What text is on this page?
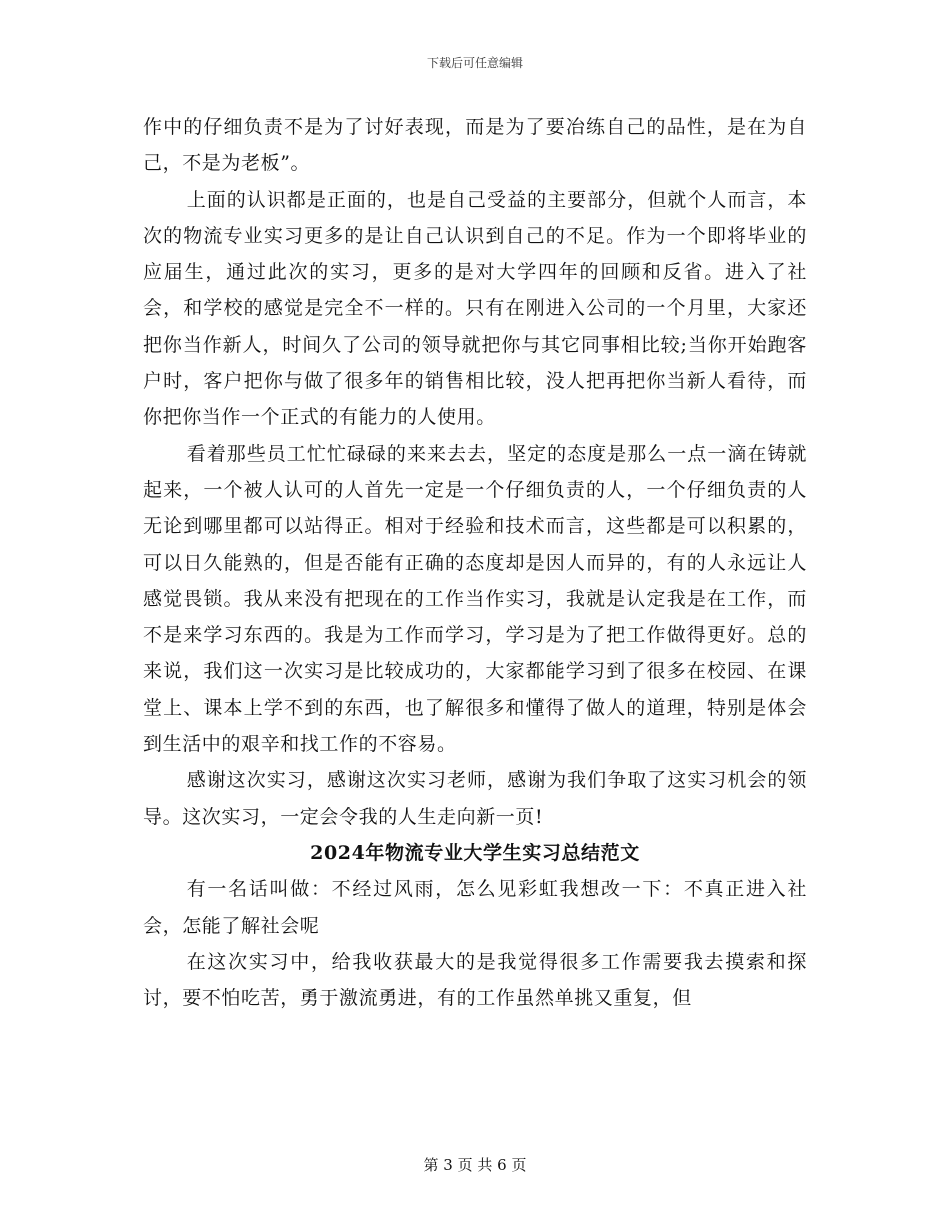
下载后可任意编辑

作中的仔细负责不是为了讨好表现，而是为了要冶练自己的品性，是在为自己，不是为老板”。

上面的认识都是正面的，也是自己受益的主要部分，但就个人而言，本次的物流专业实习更多的是让自己认识到自己的不足。作为一个即将毕业的应届生，通过此次的实习，更多的是对大学四年的回顾和反省。进入了社会，和学校的感觉是完全不一样的。只有在刚进入公司的一个月里，大家还把你当作新人，时间久了公司的领导就把你与其它同事相比较;当你开始跑客户时，客户把你与做了很多年的销售相比较，没人把再把你当新人看待，而你把你当作一个正式的有能力的人使用。

看着那些员工忙忙碌碌的来来去去，坚定的态度是那么一点一滴在铸就起来，一个被人认可的人首先一定是一个仔细负责的人，一个仔细负责的人无论到哪里都可以站得正。相对于经验和技术而言，这些都是可以积累的，可以日久能熟的，但是否能有正确的态度却是因人而异的，有的人永远让人感觉畏锁。我从来没有把现在的工作当作实习，我就是认定我是在工作，而不是来学习东西的。我是为工作而学习，学习是为了把工作做得更好。总的来说，我们这一次实习是比较成功的，大家都能学习到了很多在校园、在课堂上、课本上学不到的东西，也了解很多和懂得了做人的道理，特别是体会到生活中的艰辛和找工作的不容易。

感谢这次实习，感谢这次实习老师，感谢为我们争取了这实习机会的领导。这次实习，一定会令我的人生走向新一页!

2024年物流专业大学生实习总结范文

有一名话叫做：不经过风雨，怎么见彩虹我想改一下：不真正进入社会，怎能了解社会呢

在这次实习中，给我收获最大的是我觉得很多工作需要我去摸索和探讨，要不怕吃苦，勇于激流勇进，有的工作虽然单挑又重复，但

第 3 页 共 6 页
